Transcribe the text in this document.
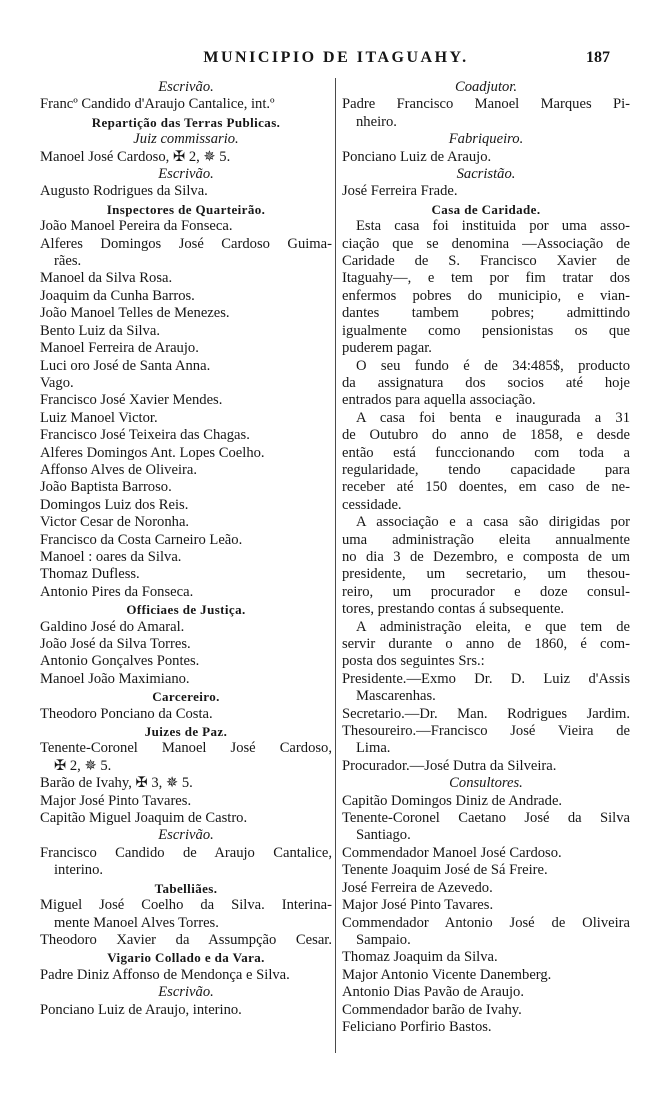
MUNICIPIO DE ITAGUAHY.	187
Escrivão.
Francº Candido d'Araujo Cantalice, int.º
Repartição das Terras Publicas.
Juiz commissario.
Manoel José Cardoso, ✠ 2, ✵ 5.
Escrivão.
Augusto Rodrigues da Silva.
Inspectores de Quarteirão.
João Manoel Pereira da Fonseca.
Alferes Domingos José Cardoso Guima-
rães.
Manoel da Silva Rosa.
Joaquim da Cunha Barros.
João Manoel Telles de Menezes.
Bento Luiz da Silva.
Manoel Ferreira de Araujo.
Luci oro José de Santa Anna.
Vago.
Francisco José Xavier Mendes.
Luiz Manoel Victor.
Francisco José Teixeira das Chagas.
Alferes Domingos Ant. Lopes Coelho.
Affonso Alves de Oliveira.
João Baptista Barroso.
Domingos Luiz dos Reis.
Victor Cesar de Noronha.
Francisco da Costa Carneiro Leão.
Manoel : oares da Silva.
Thomaz Dufless.
Antonio Pires da Fonseca.
Officiaes de Justiça.
Galdino José do Amaral.
João José da Silva Torres.
Antonio Gonçalves Pontes.
Manoel João Maximiano.
Carcereiro.
Theodoro Ponciano da Costa.
Juizes de Paz.
Tenente-Coronel Manoel José Cardoso,
✠ 2, ✵ 5.
Barão de Ivahy, ✠ 3, ✵ 5.
Major José Pinto Tavares.
Capitão Miguel Joaquim de Castro.
Escrivão.
Francisco Candido de Araujo Cantalice,
interino.
Tabelliães.
Miguel José Coelho da Silva. Interina-
mente Manoel Alves Torres.
Theodoro Xavier da Assumpção Cesar.
Vigario Collado e da Vara.
Padre Diniz Affonso de Mendonça e Silva.
Escrivão.
Ponciano Luiz de Araujo, interino.
Coadjutor.
Padre Francisco Manoel Marques Pi-
nheiro.
Fabriqueiro.
Ponciano Luiz de Araujo.
Sacristão.
José Ferreira Frade.
Casa de Caridade.
Esta casa foi instituida por uma asso-
ciação que se denomina —Associação de
Caridade de S. Francisco Xavier de
Itaguahy—, e tem por fim tratar dos
enfermos pobres do municipio, e vian-
dantes tambem pobres; admittindo
igualmente como pensionistas os que
puderem pagar.
O seu fundo é de 34:485$, producto
da assignatura dos socios até hoje
entrados para aquella associação.
A casa foi benta e inaugurada a 31
de Outubro do anno de 1858, e desde
então está funccionando com toda a
regularidade, tendo capacidade para
receber até 150 doentes, em caso de ne-
cessidade.
A associação e a casa são dirigidas por
uma administração eleita annualmente
no dia 3 de Dezembro, e composta de um
presidente, um secretario, um thesou-
reiro, um procurador e doze consul-
tores, prestando contas á subsequente.
A administração eleita, e que tem de
servir durante o anno de 1860, é com-
posta dos seguintes Srs.:
Presidente.—Exmo Dr. D. Luiz d'Assis
Mascarenhas.
Secretario.—Dr. Man. Rodrigues Jardim.
Thesoureiro.—Francisco José Vieira de
Lima.
Procurador.—José Dutra da Silveira.
Consultores.
Capitão Domingos Diniz de Andrade.
Tenente-Coronel Caetano José da Silva
Santiago.
Commendador Manoel José Cardoso.
Tenente Joaquim José de Sá Freire.
José Ferreira de Azevedo.
Major José Pinto Tavares.
Commendador Antonio José de Oliveira
Sampaio.
Thomaz Joaquim da Silva.
Major Antonio Vicente Danemberg.
Antonio Dias Pavão de Araujo.
Commendador barão de Ivahy.
Feliciano Porfirio Bastos.
